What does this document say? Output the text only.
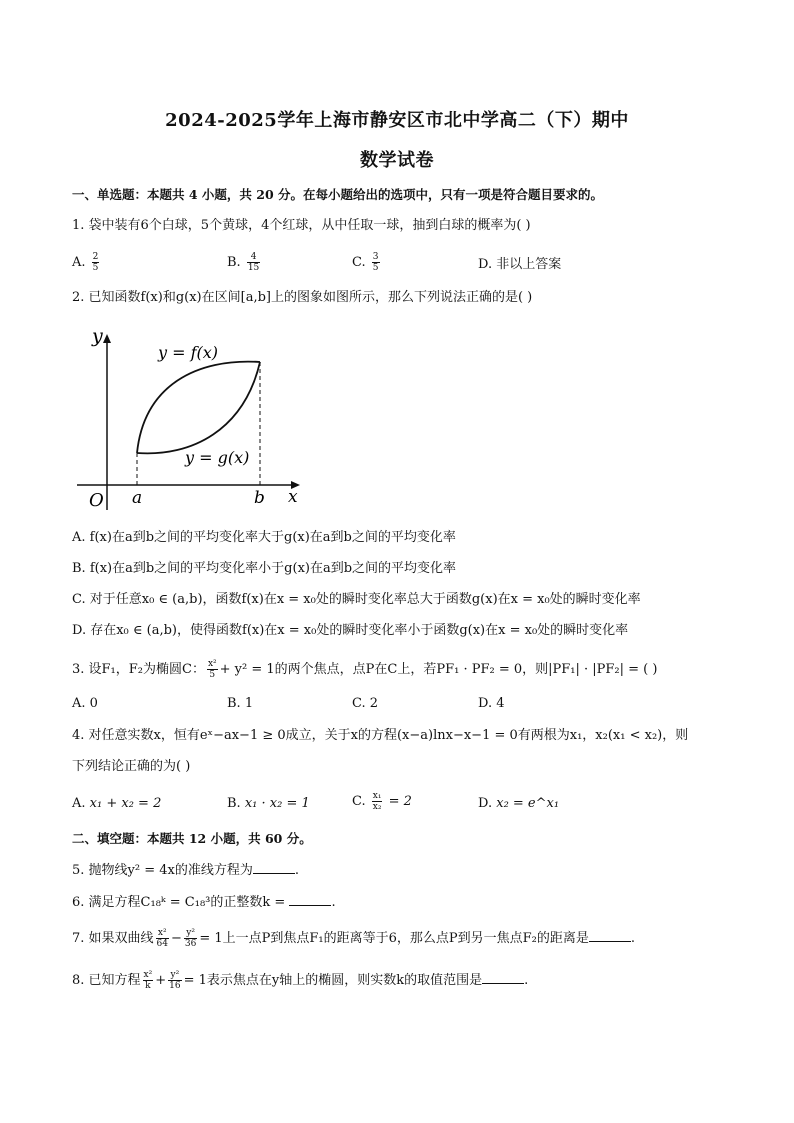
2024-2025学年上海市静安区市北中学高二（下）期中
数学试卷
一、单选题：本题共 4 小题，共 20 分。在每小题给出的选项中，只有一项是符合题目要求的。
1. 袋中装有6个白球，5个黄球，4个红球，从中任取一球，抽到白球的概率为( )
A. $\frac{2}{5}$	B. $\frac{4}{15}$	C. $\frac{3}{5}$	D. 非以上答案
2. 已知函数f(x)和g(x)在区间[a,b]上的图象如图所示，那么下列说法正确的是( )
y
x
O a	b
y = f(x)
y = g(x)
A. f(x)在a到b之间的平均变化率大于g(x)在a到b之间的平均变化率
B. f(x)在a到b之间的平均变化率小于g(x)在a到b之间的平均变化率
C. 对于任意x₀ ∈ (a,b)，函数f(x)在x = x₀处的瞬时变化率总大于函数g(x)在x = x₀处的瞬时变化率
D. 存在x₀ ∈ (a,b)，使得函数f(x)在x = x₀处的瞬时变化率小于函数g(x)在x = x₀处的瞬时变化率
3. 设F₁，F₂为椭圆C： $\frac{\text{x²}}{5} + y^2 = 1$的两个焦点，点P在C上，若PF₁ · PF₂ = 0，则|PF₁| · |PF₂| = ( )
A. 0	B. 1	C. 2	D. 4
4. 对任意实数x，恒有eˣ−ax−1 ≥ 0成立，关于x的方程(x−a)lnx−x−1 = 0有两根为x₁，x₂(x₁ < x₂)，则
下列结论正确的为( )
A. x₁ + x₂ = 2	B. x₁ · x₂ = 1	C. $\frac{\text{x₁}}{\text{x₂}} = 2$	D. x₂ = e^x₁
二、填空题：本题共 12 小题，共 60 分。
5. 抛物线y² = 4x的准线方程为	.
6. 满足方程C₁₈ᵏ = C₁₈³的正整数k =	.
7. 如果双曲线 $\frac{\text{x²}}{64} - \frac{\text{y²}}{36} = 1$上一点P到焦点F₁的距离等于6，那么点P到另一焦点F₂的距离是	.
8. 已知方程 $\frac{\text{x²}}{k} + \frac{\text{y²}}{16} = 1$表示焦点在y轴上的椭圆，则实数k的取值范围是	.
